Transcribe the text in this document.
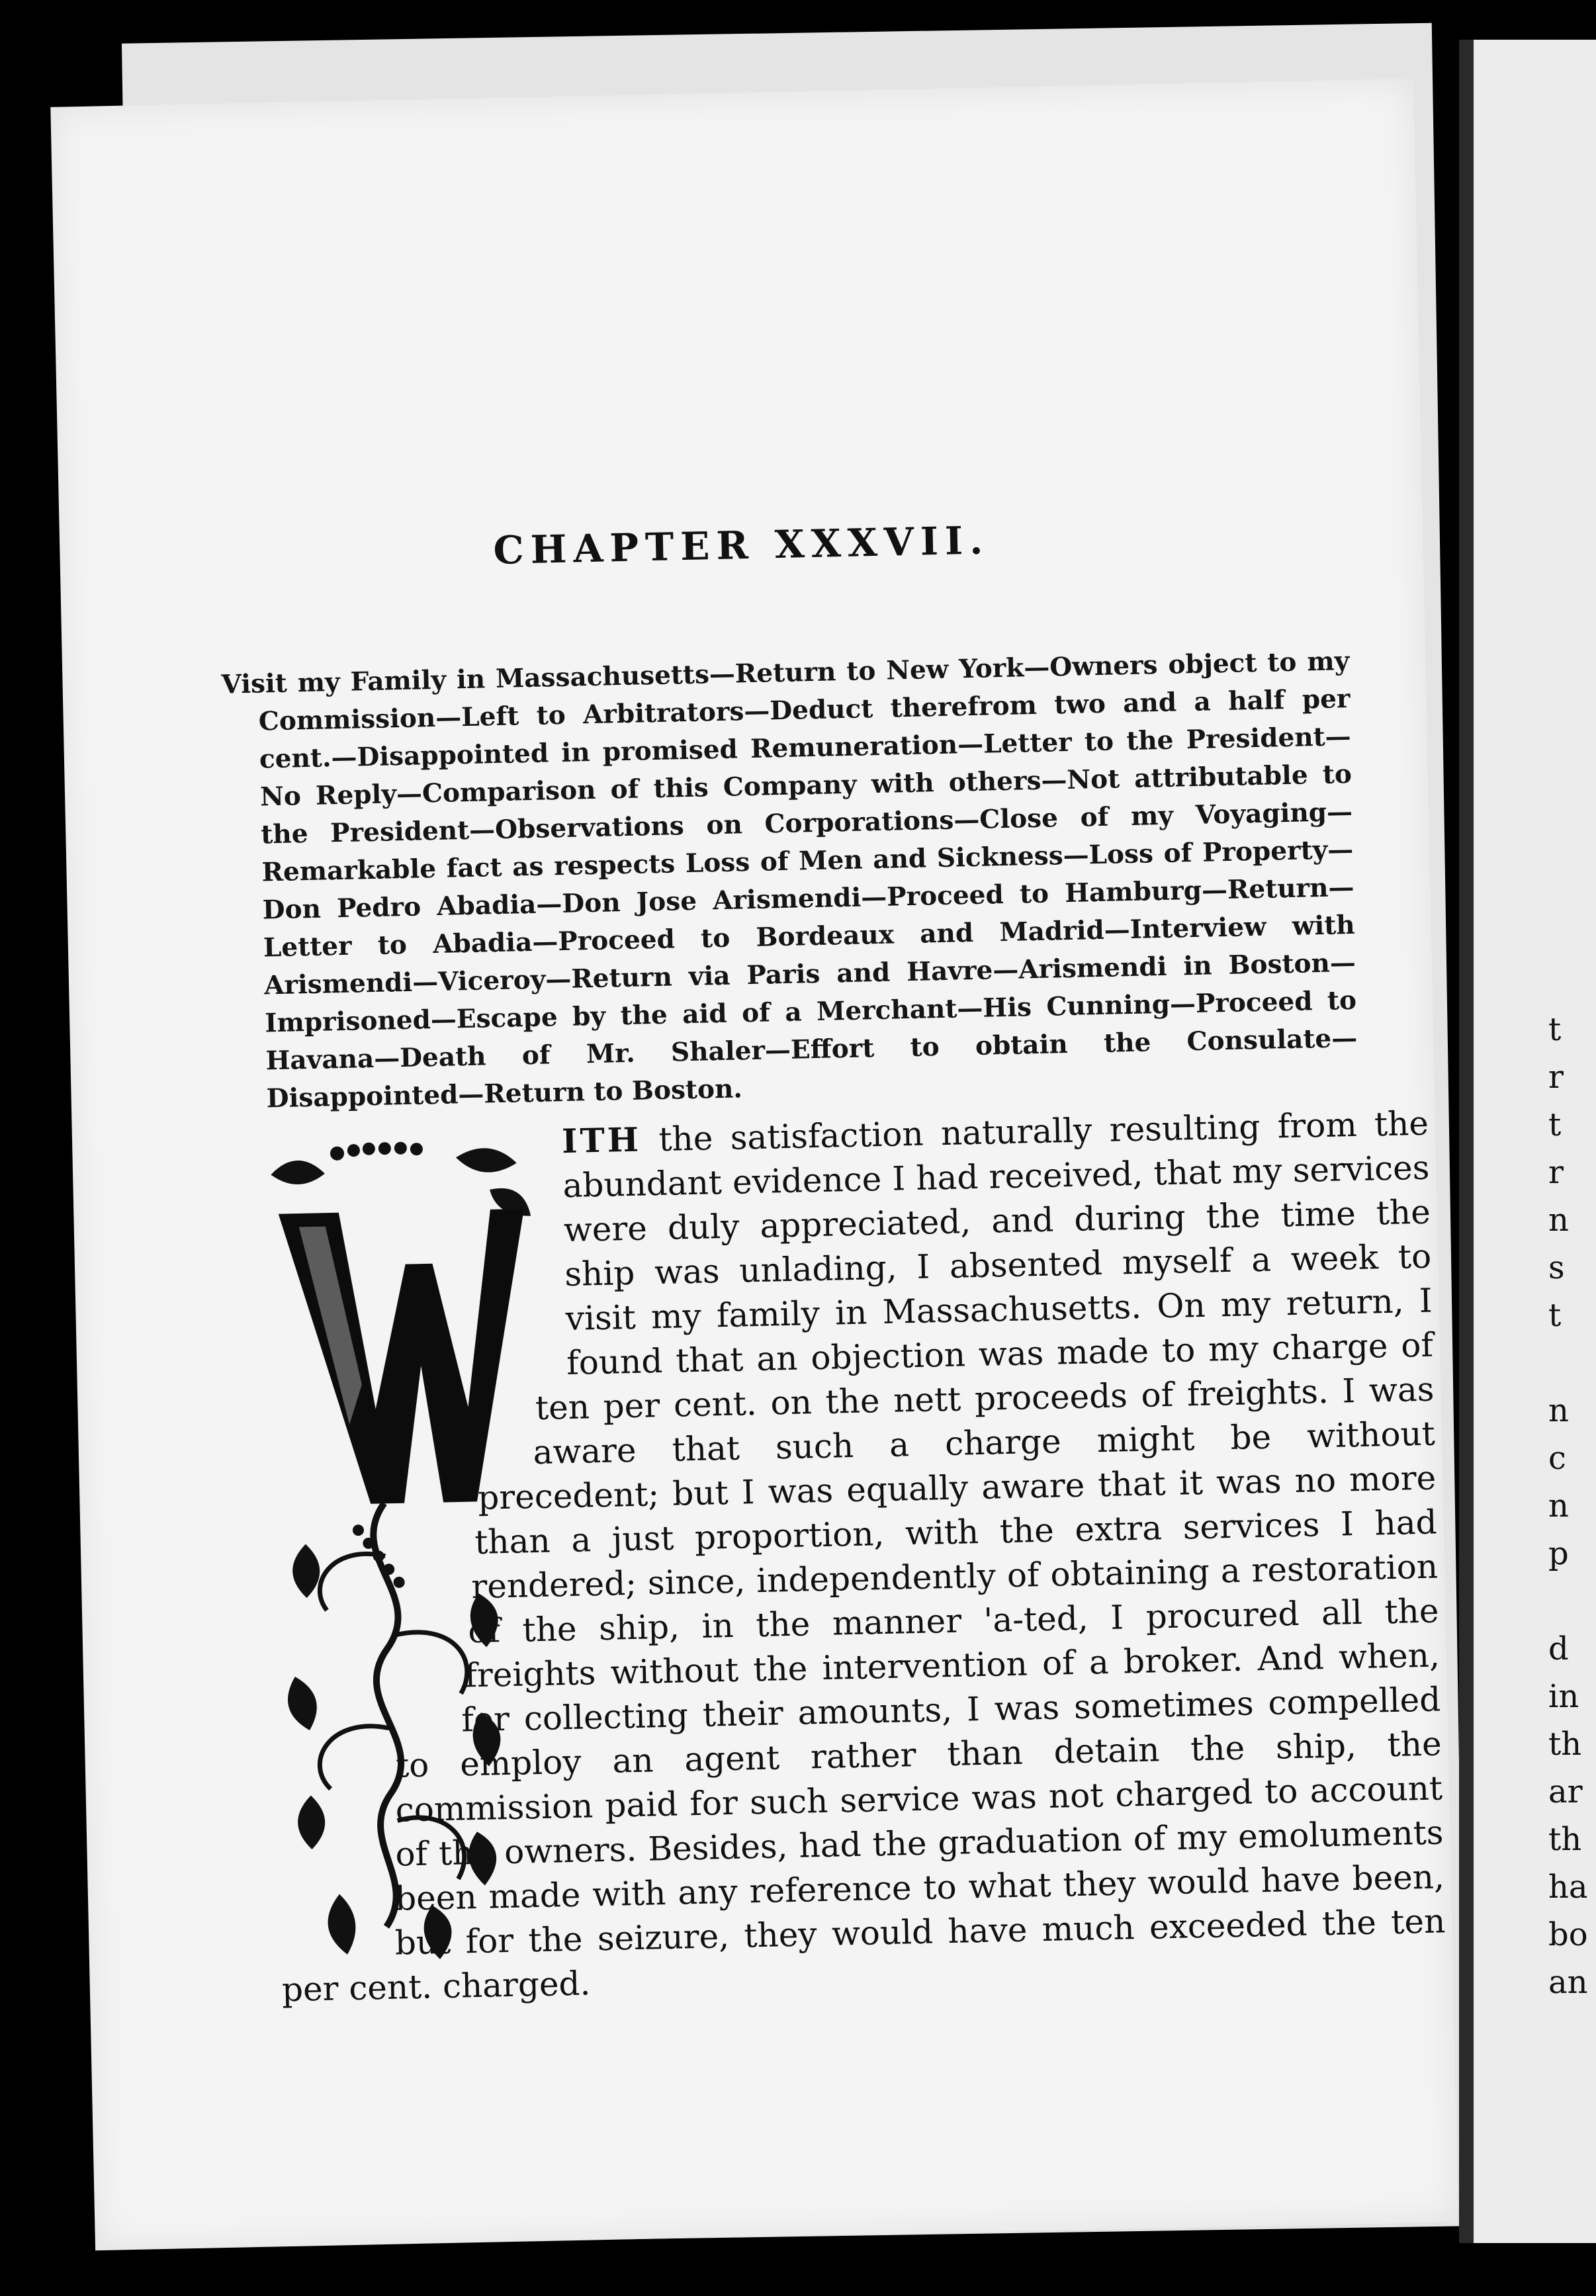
t
r
t
r
n
s
t
n
c
n
p
d
in
th
ar
th
ha
bo
an
CHAPTER XXXVII.
Visit my Family in Massachusetts—Return to New York—Owners object to my Commission—Left to Arbitrators—Deduct therefrom two and a half per cent.—Disappointed in promised Remuneration—Letter to the President—No Reply—Comparison of this Company with others—Not attributable to the President—Observations on Corporations—Close of my Voyaging—Remarkable fact as respects Loss of Men and Sickness—Loss of Property—Don Pedro Abadia—Don Jose Arismendi—Proceed to Hamburg—Return—Letter to Abadia—Proceed to Bordeaux and Madrid—Interview with Arismendi—Viceroy—Return via Paris and Havre—Arismendi in Boston—Imprisoned—Escape by the aid of a Merchant—His Cunning—Proceed to Havana—Death of Mr. Shaler—Effort to obtain the Consulate—Disappointed—Return to Boston.
ITH the satisfaction naturally resulting from the abundant evidence I had received, that my services were duly appreciated, and during the time the ship was unlading, I absented myself a week to visit my family in Massachusetts. On my return, I found that an objection was made to my charge of ten per cent. on the nett proceeds of freights. I was aware that such a charge might be without precedent; but I was equally aware that it was no more than a just proportion, with the extra services I had rendered; since, independently of obtaining a restoration of the ship, in the manner 'a-ted, I procured all the freights without the intervention of a broker. And when, for collecting their amounts, I was sometimes compelled to employ an agent rather than detain the ship, the commission paid for such service was not charged to account of the owners. Besides, had the graduation of my emoluments been made with any reference to what they would have been, but for the seizure, they would have much exceeded the ten per cent. charged.
